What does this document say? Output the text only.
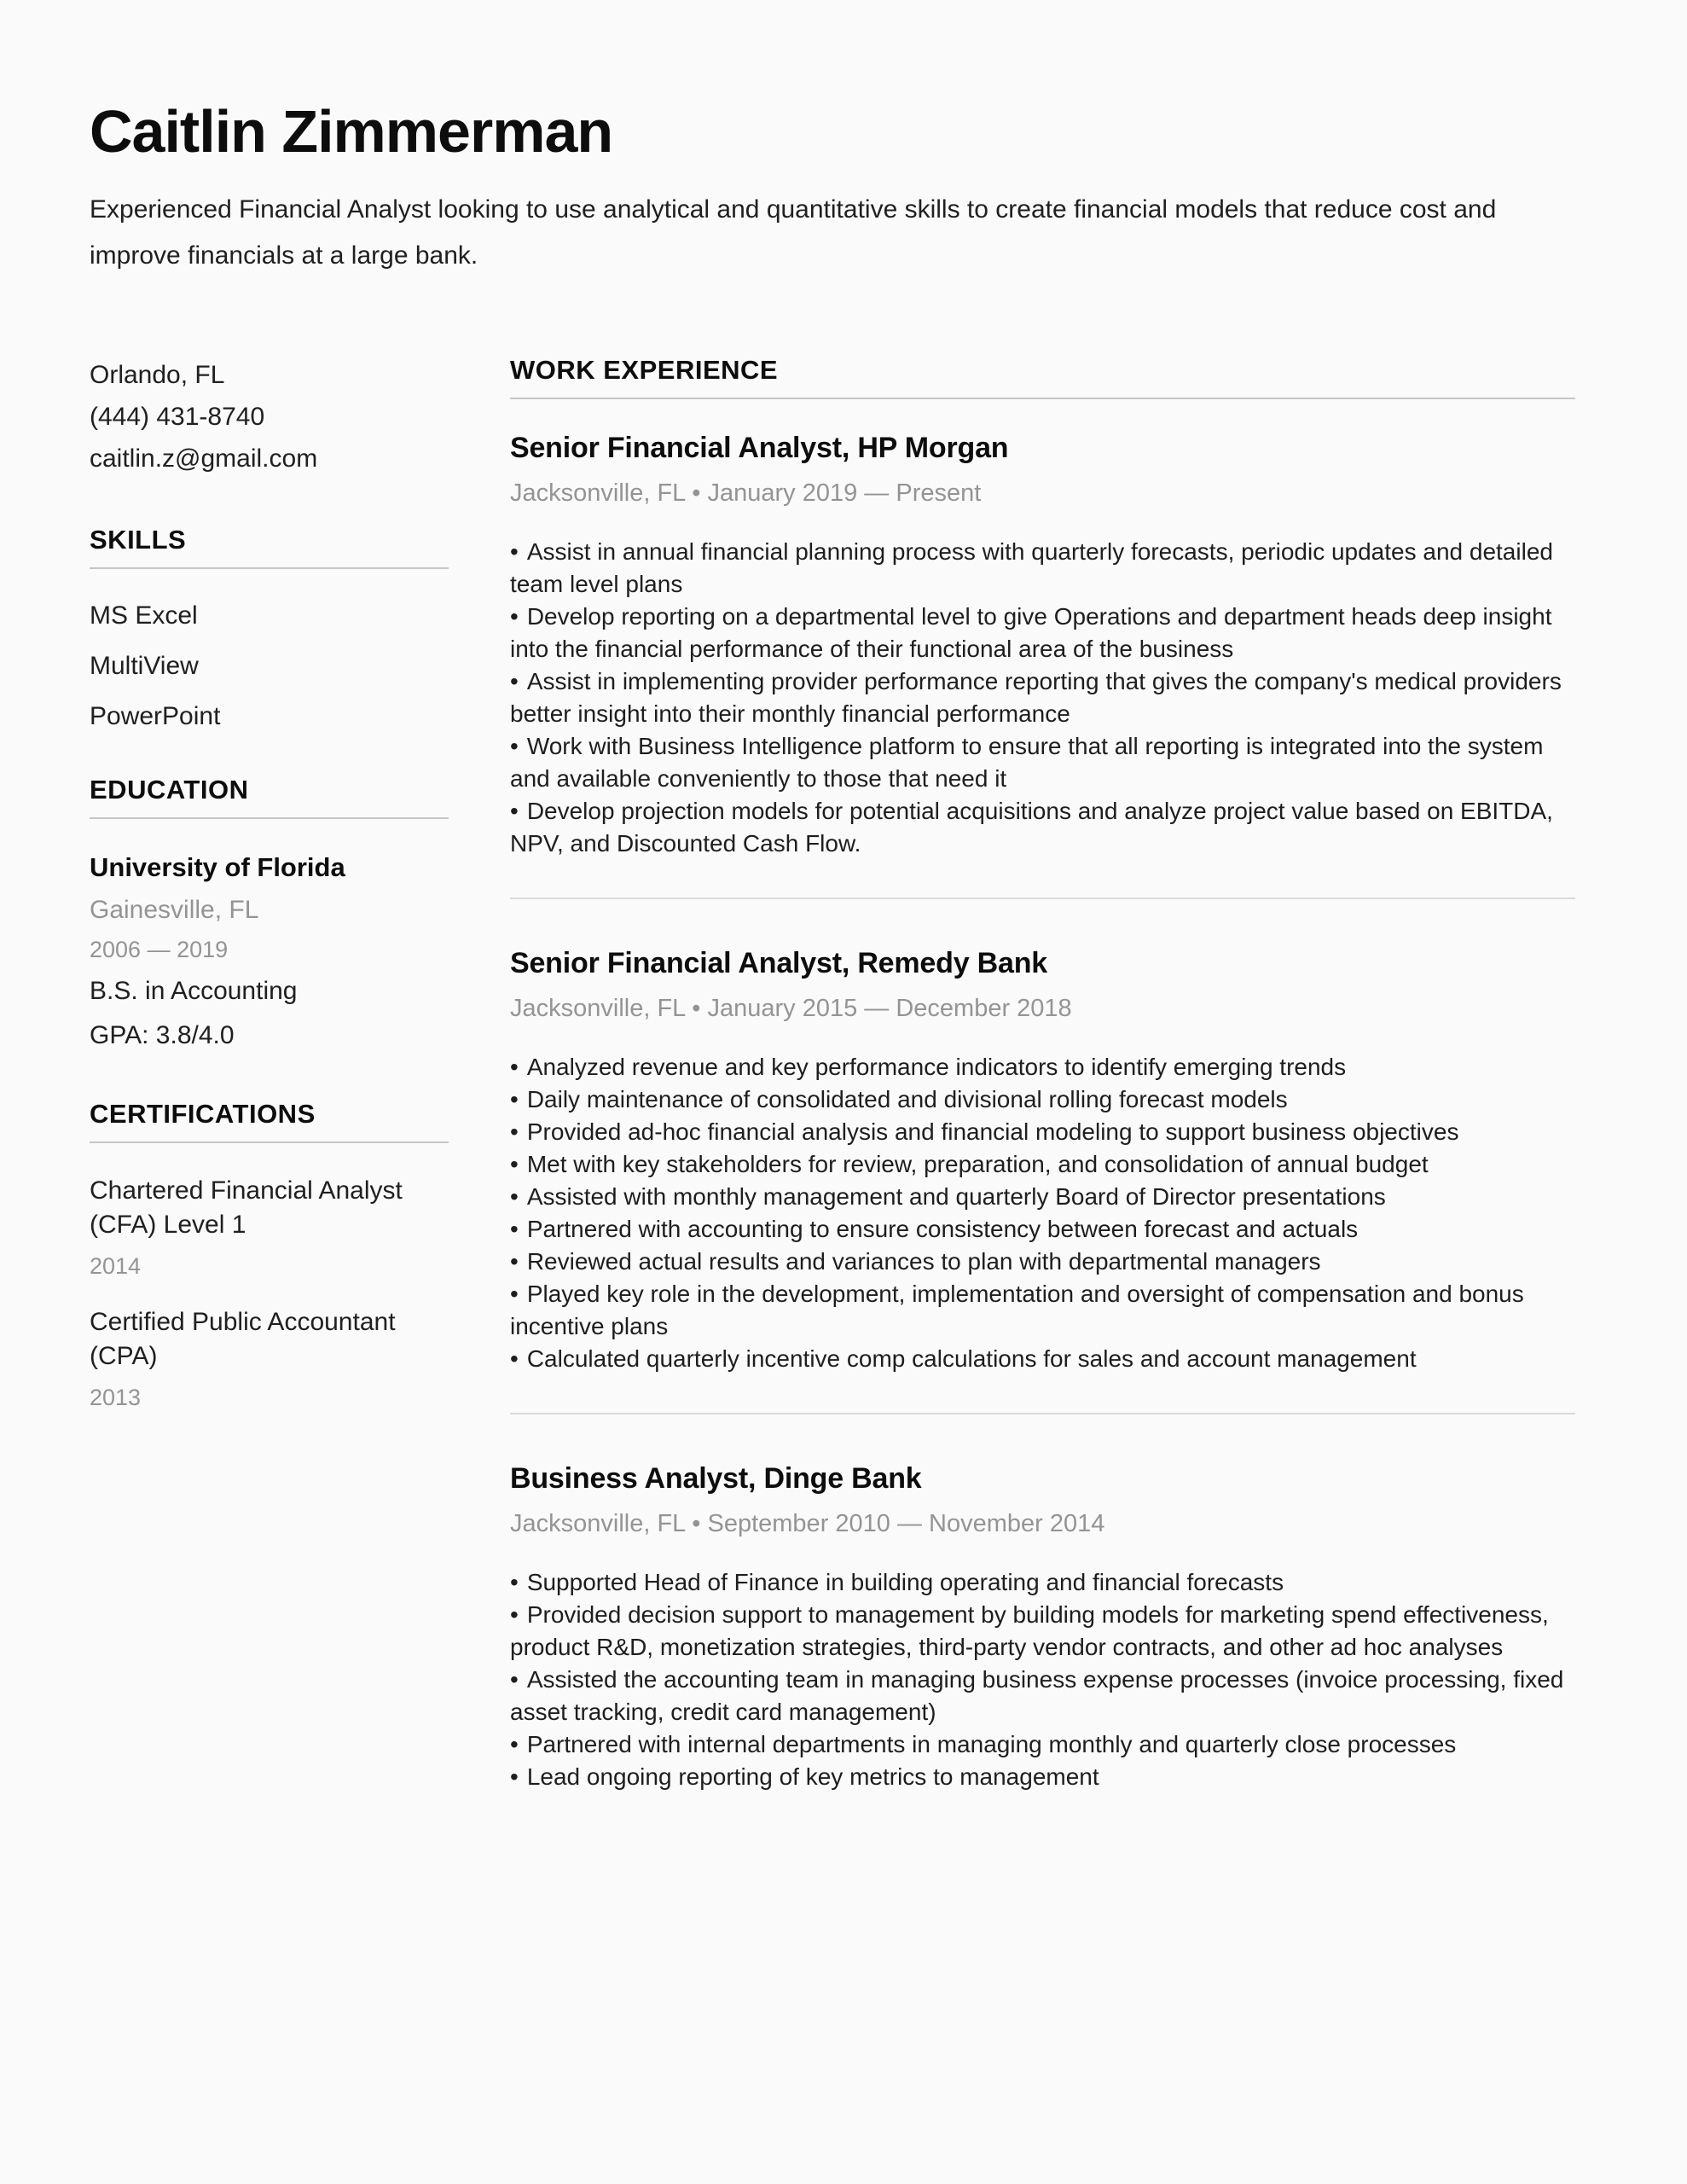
Caitlin Zimmerman

Experienced Financial Analyst looking to use analytical and quantitative skills to create financial models that reduce cost and improve financials at a large bank.

Orlando, FL
(444) 431-8740
caitlin.z@gmail.com
SKILLS
MS Excel
MultiView
PowerPoint
EDUCATION
University of Florida
Gainesville, FL
2006 — 2019
B.S. in Accounting
GPA: 3.8/4.0
CERTIFICATIONS
Chartered Financial Analyst (CFA) Level 1
2014
Certified Public Accountant (CPA)
2013
WORK EXPERIENCE
Senior Financial Analyst, HP Morgan
Jacksonville, FL • January 2019 — Present
• Assist in annual financial planning process with quarterly forecasts, periodic updates and detailed team level plans
• Develop reporting on a departmental level to give Operations and department heads deep insight into the financial performance of their functional area of the business
• Assist in implementing provider performance reporting that gives the company's medical providers better insight into their monthly financial performance
• Work with Business Intelligence platform to ensure that all reporting is integrated into the system and available conveniently to those that need it
• Develop projection models for potential acquisitions and analyze project value based on EBITDA, NPV, and Discounted Cash Flow.
Senior Financial Analyst, Remedy Bank
Jacksonville, FL • January 2015 — December 2018
• Analyzed revenue and key performance indicators to identify emerging trends
• Daily maintenance of consolidated and divisional rolling forecast models
• Provided ad-hoc financial analysis and financial modeling to support business objectives
• Met with key stakeholders for review, preparation, and consolidation of annual budget
• Assisted with monthly management and quarterly Board of Director presentations
• Partnered with accounting to ensure consistency between forecast and actuals
• Reviewed actual results and variances to plan with departmental managers
• Played key role in the development, implementation and oversight of compensation and bonus incentive plans
• Calculated quarterly incentive comp calculations for sales and account management
Business Analyst, Dinge Bank
Jacksonville, FL • September 2010 — November 2014
• Supported Head of Finance in building operating and financial forecasts
• Provided decision support to management by building models for marketing spend effectiveness, product R&D, monetization strategies, third-party vendor contracts, and other ad hoc analyses
• Assisted the accounting team in managing business expense processes (invoice processing, fixed asset tracking, credit card management)
• Partnered with internal departments in managing monthly and quarterly close processes
• Lead ongoing reporting of key metrics to management
